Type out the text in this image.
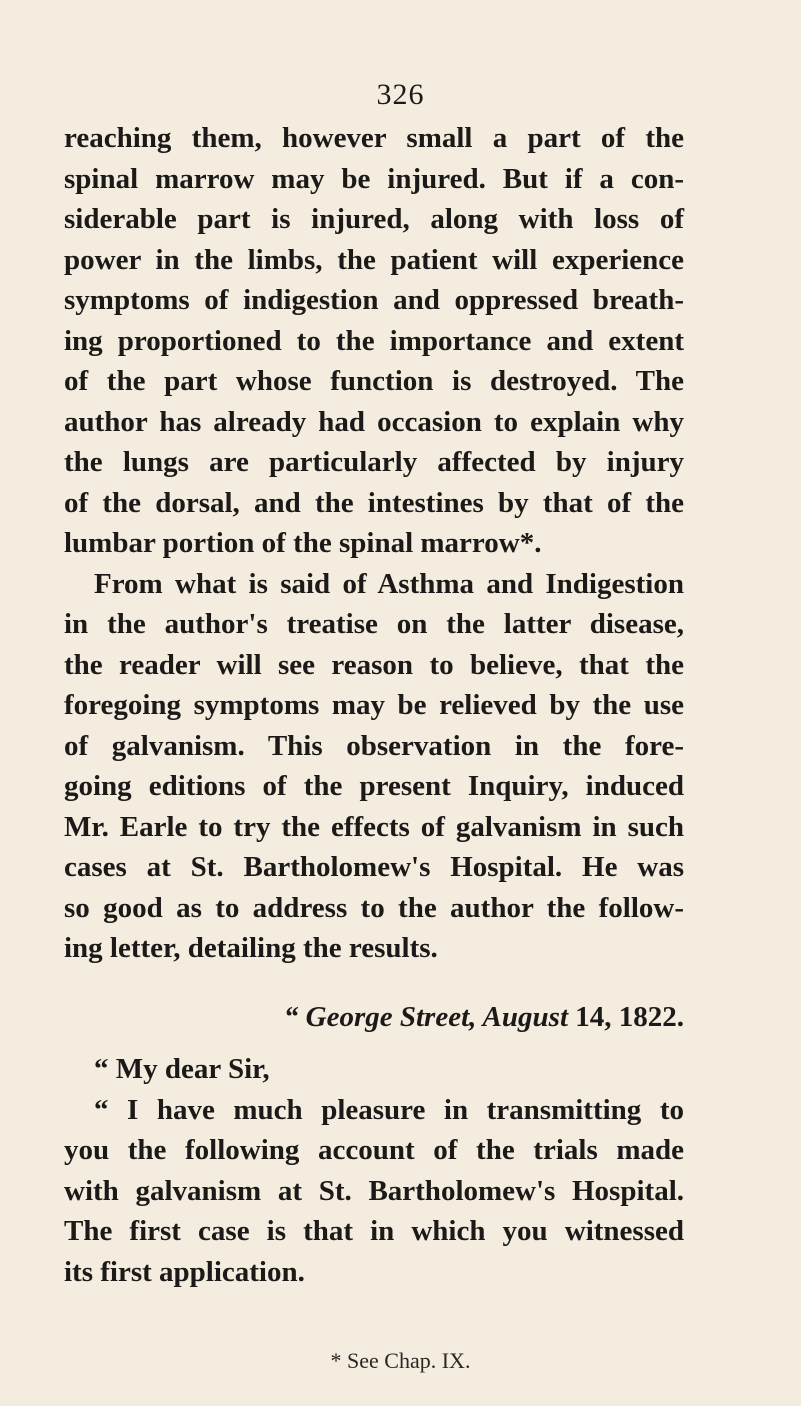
326
reaching them, however small a part of the
spinal marrow may be injured. But if a con-
siderable part is injured, along with loss of
power in the limbs, the patient will experience
symptoms of indigestion and oppressed breath-
ing proportioned to the importance and extent
of the part whose function is destroyed. The
author has already had occasion to explain why
the lungs are particularly affected by injury
of the dorsal, and the intestines by that of the
lumbar portion of the spinal marrow*.
From what is said of Asthma and Indigestion
in the author's treatise on the latter disease,
the reader will see reason to believe, that the
foregoing symptoms may be relieved by the use
of galvanism. This observation in the fore-
going editions of the present Inquiry, induced
Mr. Earle to try the effects of galvanism in such
cases at St. Bartholomew's Hospital. He was
so good as to address to the author the follow-
ing letter, detailing the results.
“ George Street, August 14, 1822.
“ My dear Sir,
“ I have much pleasure in transmitting to
you the following account of the trials made
with galvanism at St. Bartholomew's Hospital.
The first case is that in which you witnessed
its first application.
* See Chap. IX.
